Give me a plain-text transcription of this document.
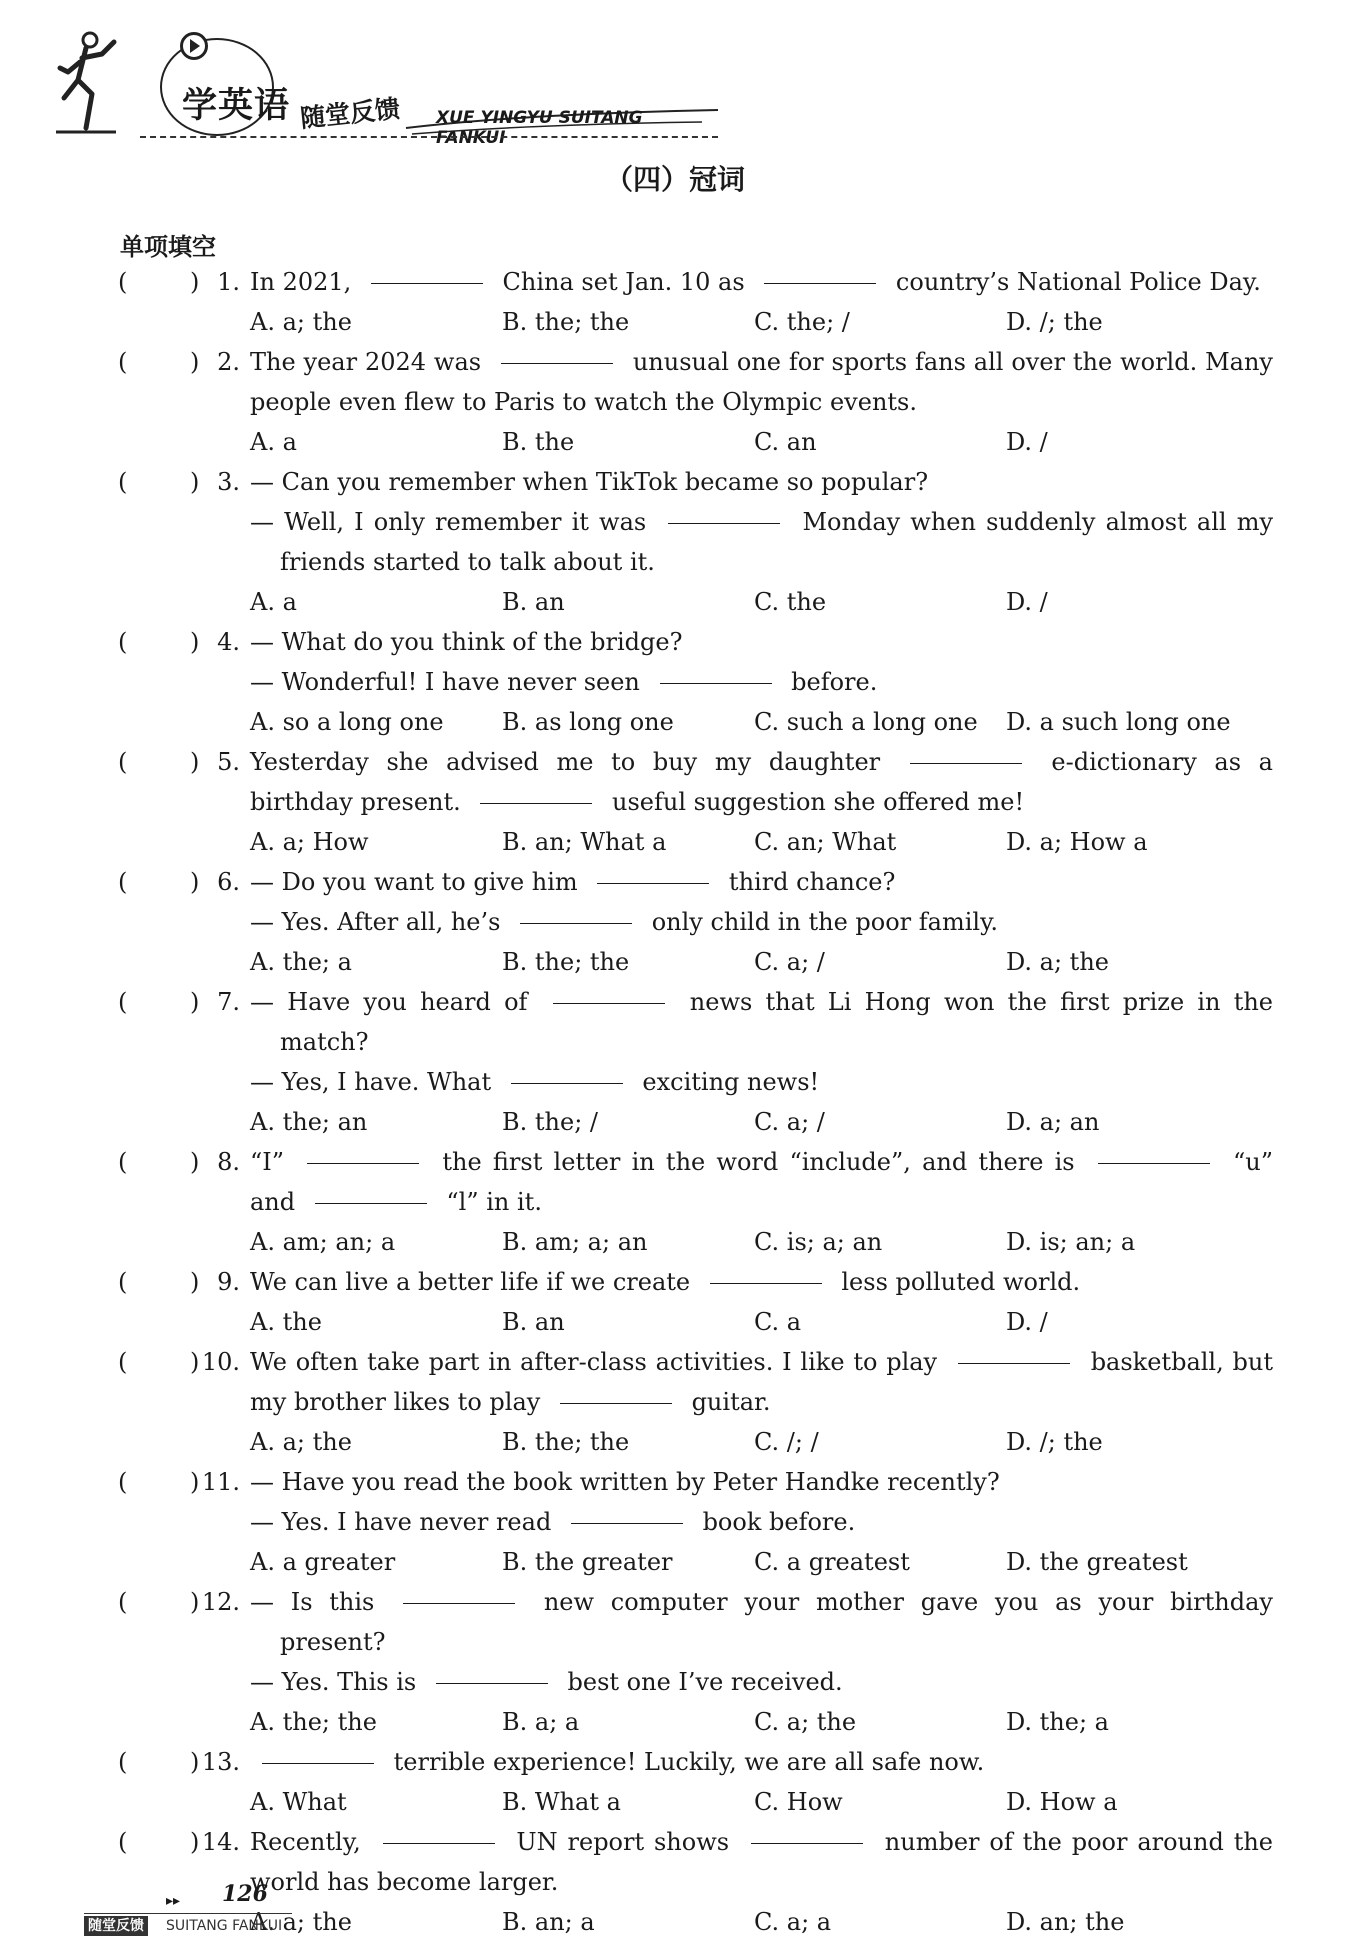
学英语 随堂反馈 XUE YINGYU SUITANG FANKUI
（四）冠词
单项填空
(	) 1. In 2021,	China set Jan. 10 as	country’s National Police Day.
A. a; the	B. the; the	C. the; /	D. /; the
(	) 2. The year 2024 was	unusual one for sports fans all over the world. Many people even flew to Paris to watch the Olympic events.
A. a	B. the	C. an	D. /
(	) 3. — Can you remember when TikTok became so popular?
— Well, I only remember it was	Monday when suddenly almost all my friends started to talk about it.
A. a	B. an	C. the	D. /
(	) 4. — What do you think of the bridge?
— Wonderful! I have never seen	before.
A. so a long one	B. as long one	C. such a long one	D. a such long one
(	) 5. Yesterday she advised me to buy my daughter	e-dictionary as a birthday present.	useful suggestion she offered me!
A. a; How	B. an; What a	C. an; What	D. a; How a
(	) 6. — Do you want to give him	third chance?
— Yes. After all, he’s	only child in the poor family.
A. the; a	B. the; the	C. a; /	D. a; the
(	) 7. — Have you heard of	news that Li Hong won the first prize in the match?
— Yes, I have. What	exciting news!
A. the; an	B. the; /	C. a; /	D. a; an
(	) 8. “I”	the first letter in the word “include”, and there is	“u” and	“l” in it.
A. am; an; a	B. am; a; an	C. is; a; an	D. is; an; a
(	) 9. We can live a better life if we create	less polluted world.
A. the	B. an	C. a	D. /
(	) 10. We often take part in after-class activities. I like to play	basketball, but my brother likes to play	guitar.
A. a; the	B. the; the	C. /; /	D. /; the
(	) 11. — Have you read the book written by Peter Handke recently?
— Yes. I have never read	book before.
A. a greater	B. the greater	C. a greatest	D. the greatest
(	) 12. — Is this	new computer your mother gave you as your birthday present?
— Yes. This is	best one I’ve received.
A. the; the	B. a; a	C. a; the	D. the; a
(	) 13.	terrible experience! Luckily, we are all safe now.
A. What	B. What a	C. How	D. How a
(	) 14. Recently,	UN report shows	number of the poor around the world has become larger.
A. a; the	B. an; a	C. a; a	D. an; the
▸▸ 126
随堂反馈 SUITANG FANKUI
